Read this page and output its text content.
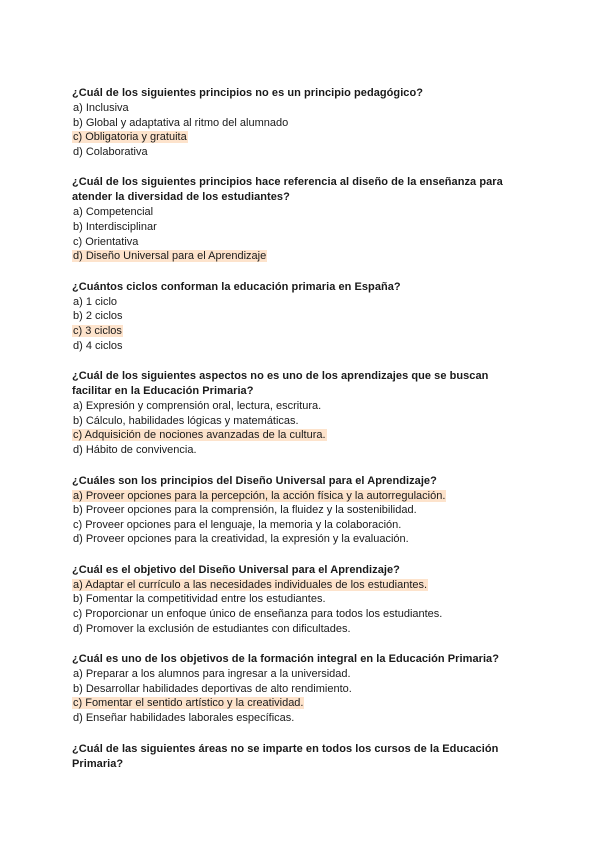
¿Cuál de los siguientes principios no es un principio pedagógico?

a) Inclusiva
b) Global y adaptativa al ritmo del alumnado
c) Obligatoria y gratuita
d) Colaborativa

¿Cuál de los siguientes principios hace referencia al diseño de la enseñanza para atender la diversidad de los estudiantes?

a) Competencial
b) Interdisciplinar
c) Orientativa
d) Diseño Universal para el Aprendizaje

¿Cuántos ciclos conforman la educación primaria en España?

a) 1 ciclo
b) 2 ciclos
c) 3 ciclos
d) 4 ciclos

¿Cuál de los siguientes aspectos no es uno de los aprendizajes que se buscan facilitar en la Educación Primaria?

a) Expresión y comprensión oral, lectura, escritura.
b) Cálculo, habilidades lógicas y matemáticas.
c) Adquisición de nociones avanzadas de la cultura.
d) Hábito de convivencia.

¿Cuáles son los principios del Diseño Universal para el Aprendizaje?

a) Proveer opciones para la percepción, la acción física y la autorregulación.
b) Proveer opciones para la comprensión, la fluidez y la sostenibilidad.
c) Proveer opciones para el lenguaje, la memoria y la colaboración.
d) Proveer opciones para la creatividad, la expresión y la evaluación.

¿Cuál es el objetivo del Diseño Universal para el Aprendizaje?

a) Adaptar el currículo a las necesidades individuales de los estudiantes.
b) Fomentar la competitividad entre los estudiantes.
c) Proporcionar un enfoque único de enseñanza para todos los estudiantes.
d) Promover la exclusión de estudiantes con dificultades.

¿Cuál es uno de los objetivos de la formación integral en la Educación Primaria?

a) Preparar a los alumnos para ingresar a la universidad.
b) Desarrollar habilidades deportivas de alto rendimiento.
c) Fomentar el sentido artístico y la creatividad.
d) Enseñar habilidades laborales específicas.

¿Cuál de las siguientes áreas no se imparte en todos los cursos de la Educación Primaria?
